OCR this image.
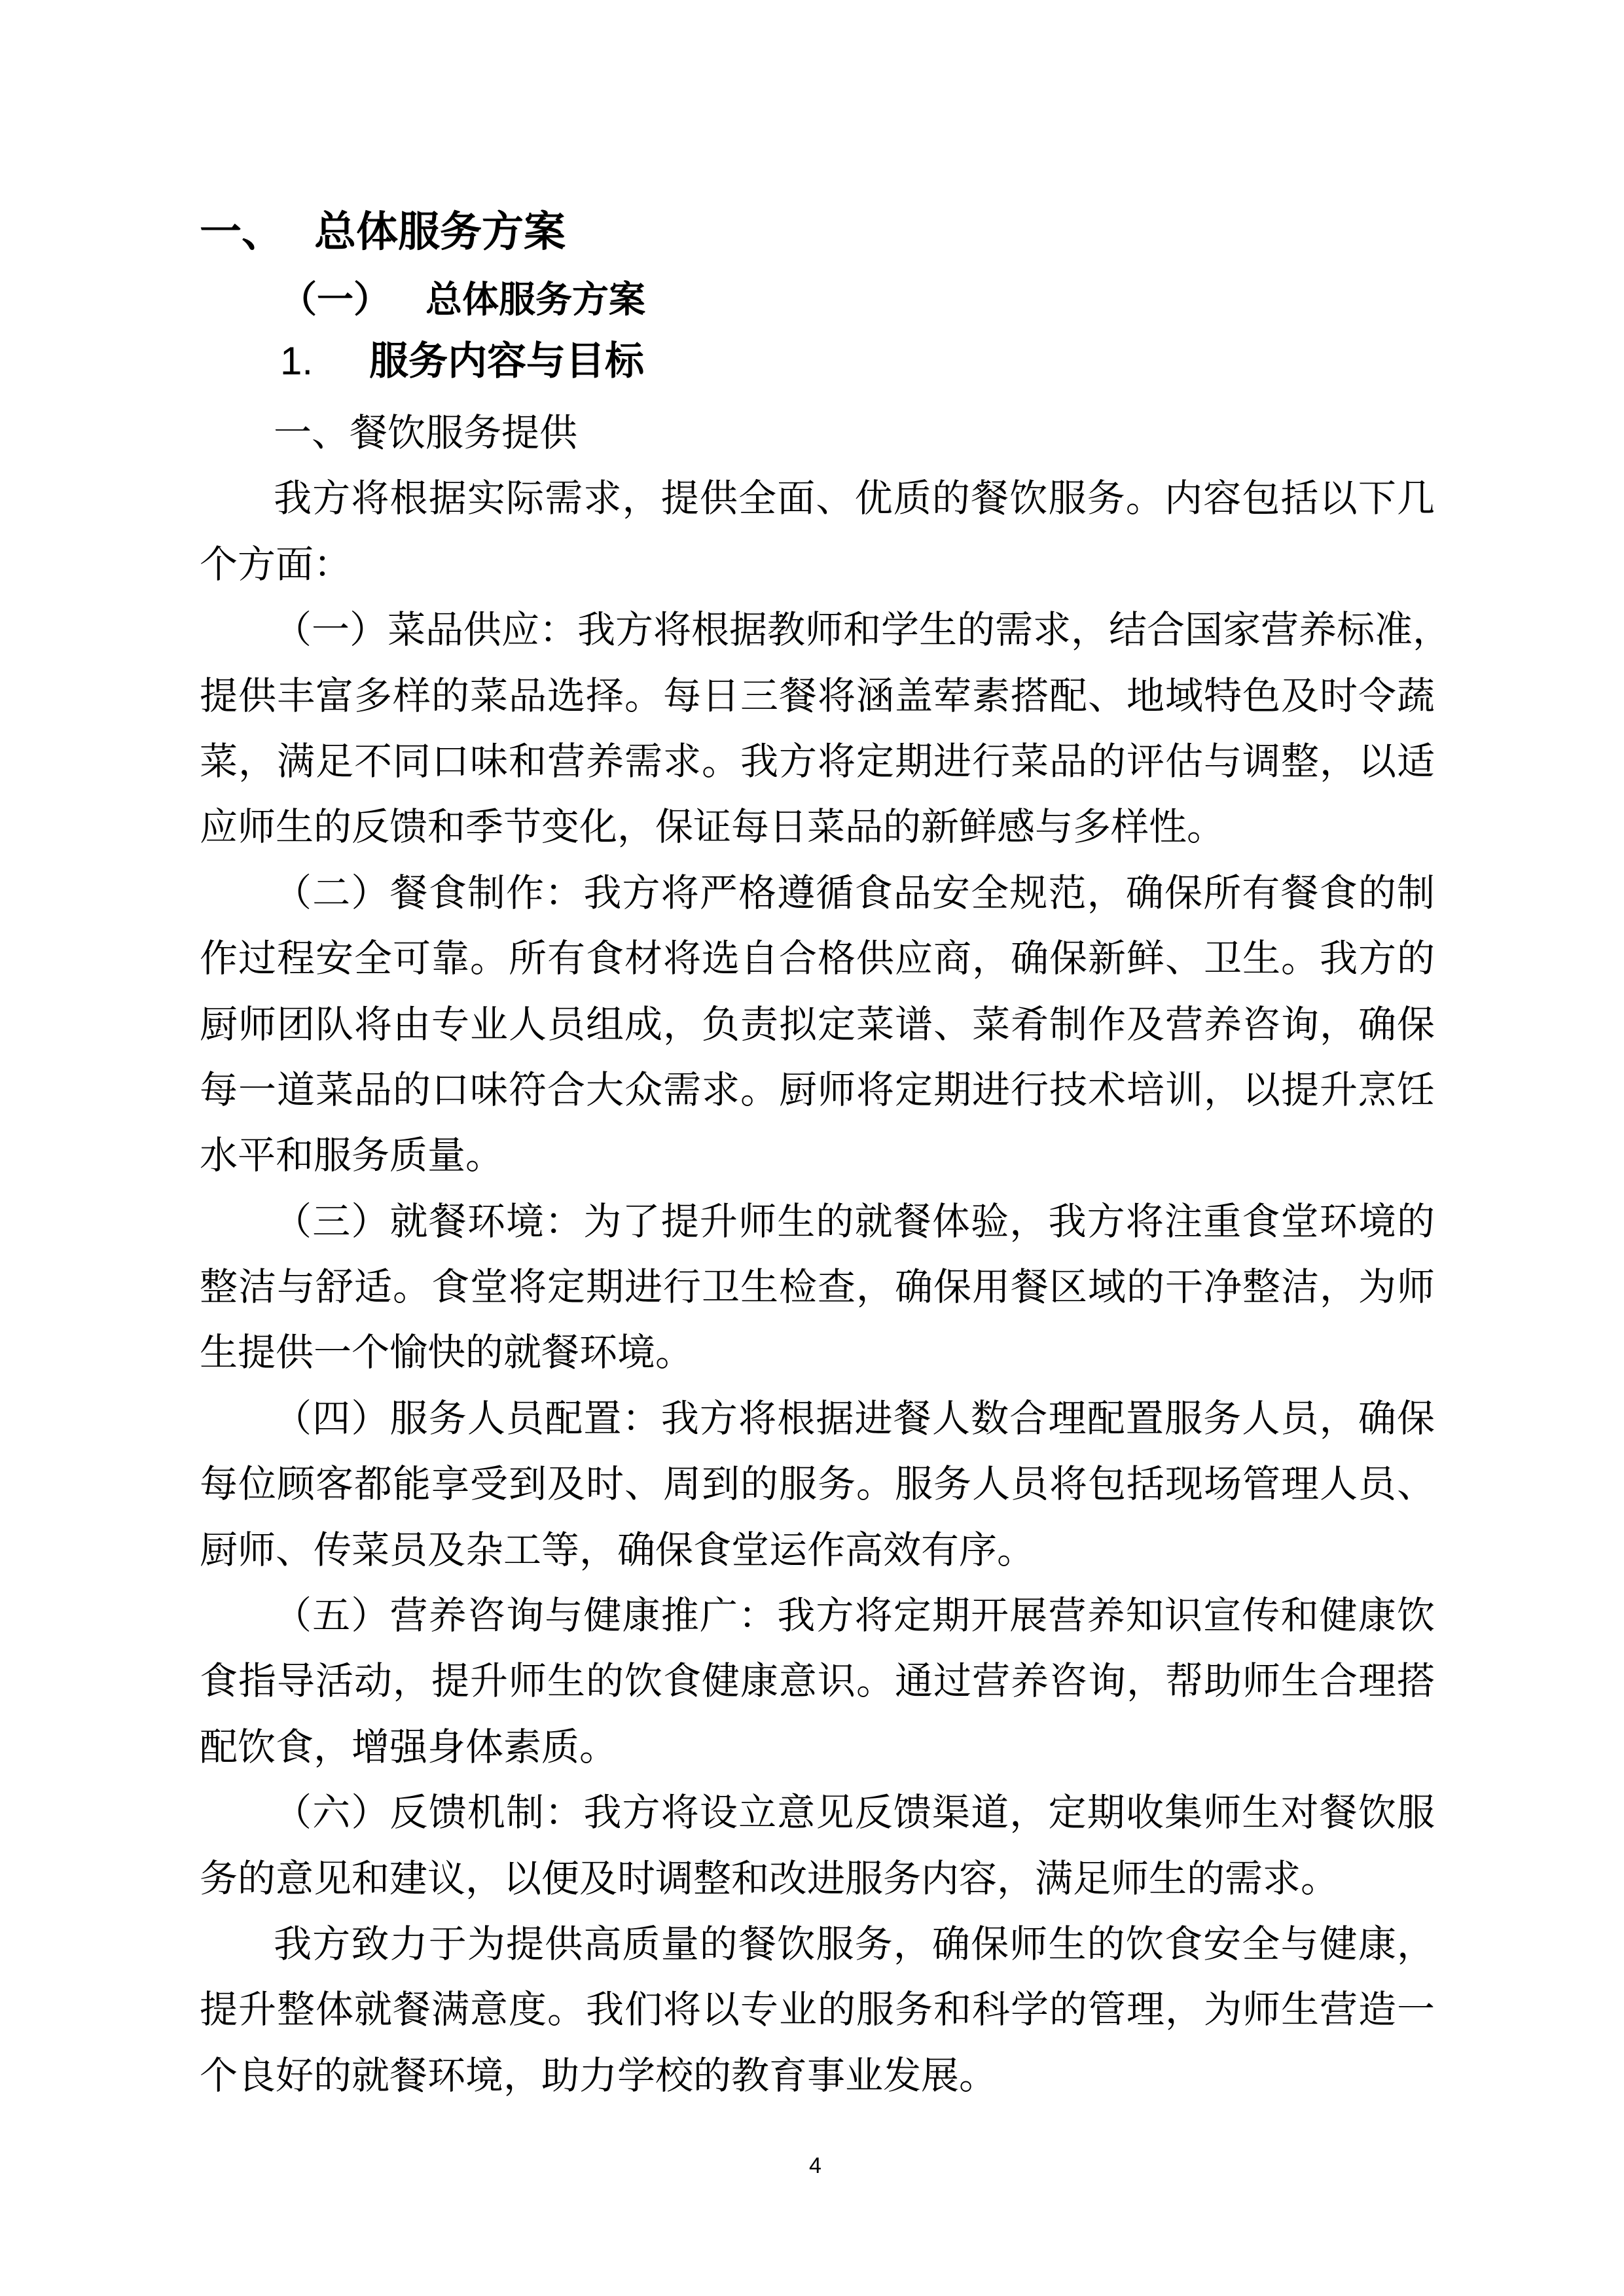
一、 总体服务方案
（一） 总体服务方案
1. 服务内容与目标
一、餐饮服务提供
我方将根据实际需求，提供全面、优质的餐饮服务。内容包括以下几
个方面：
（一）菜品供应：我方将根据教师和学生的需求，结合国家营养标准，
提供丰富多样的菜品选择。每日三餐将涵盖荤素搭配、地域特色及时令蔬
菜，满足不同口味和营养需求。我方将定期进行菜品的评估与调整，以适
应师生的反馈和季节变化，保证每日菜品的新鲜感与多样性。
（二）餐食制作：我方将严格遵循食品安全规范，确保所有餐食的制
作过程安全可靠。所有食材将选自合格供应商，确保新鲜、卫生。我方的
厨师团队将由专业人员组成，负责拟定菜谱、菜肴制作及营养咨询，确保
每一道菜品的口味符合大众需求。厨师将定期进行技术培训，以提升烹饪
水平和服务质量。
（三）就餐环境：为了提升师生的就餐体验，我方将注重食堂环境的
整洁与舒适。食堂将定期进行卫生检查，确保用餐区域的干净整洁，为师
生提供一个愉快的就餐环境。
（四）服务人员配置：我方将根据进餐人数合理配置服务人员，确保
每位顾客都能享受到及时、周到的服务。服务人员将包括现场管理人员、
厨师、传菜员及杂工等，确保食堂运作高效有序。
（五）营养咨询与健康推广：我方将定期开展营养知识宣传和健康饮
食指导活动，提升师生的饮食健康意识。通过营养咨询，帮助师生合理搭
配饮食，增强身体素质。
（六）反馈机制：我方将设立意见反馈渠道，定期收集师生对餐饮服
务的意见和建议，以便及时调整和改进服务内容，满足师生的需求。
我方致力于为提供高质量的餐饮服务，确保师生的饮食安全与健康，
提升整体就餐满意度。我们将以专业的服务和科学的管理，为师生营造一
个良好的就餐环境，助力学校的教育事业发展。
4
